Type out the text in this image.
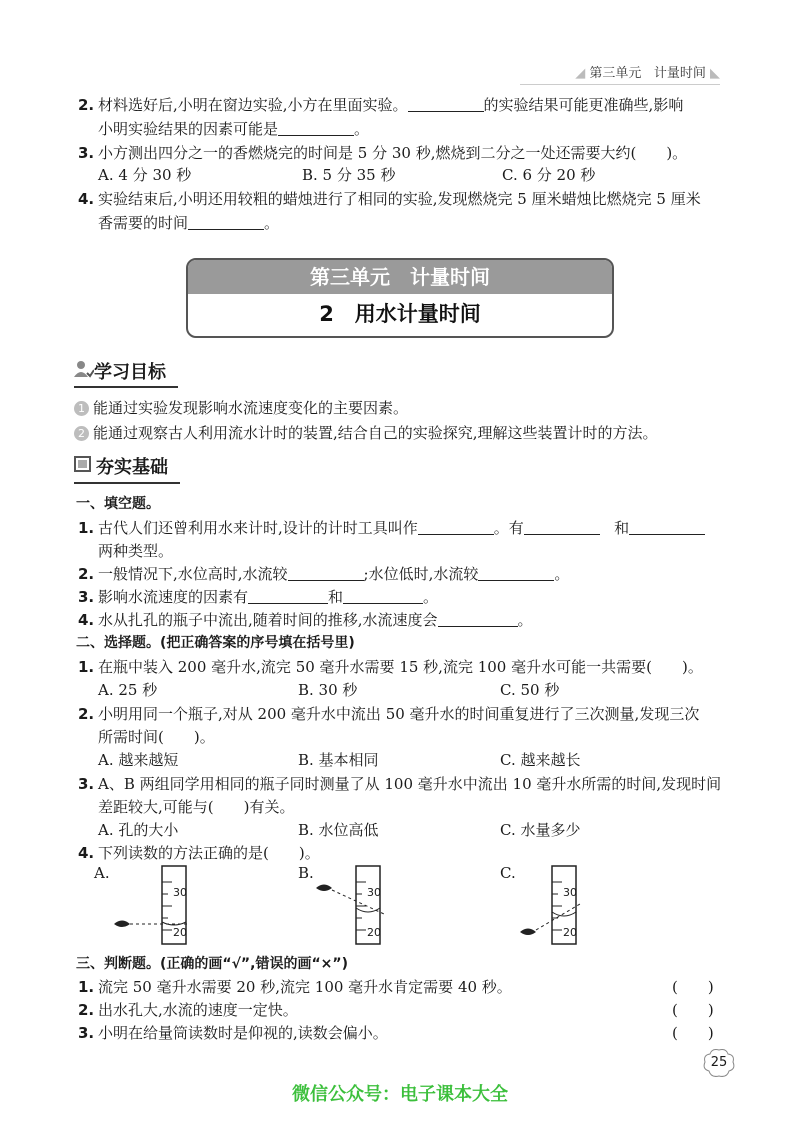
◢ 第三单元 计量时间 ◣
2. 材料选好后,小明在窗边实验,小方在里面实验。	的实验结果可能更准确些,影响
小明实验结果的因素可能是	。
3. 小方测出四分之一的香燃烧完的时间是 5 分 30 秒,燃烧到二分之一处还需要大约(　　)。
A. 4 分 30 秒	B. 5 分 35 秒	C. 6 分 20 秒
4. 实验结束后,小明还用较粗的蜡烛进行了相同的实验,发现燃烧完 5 厘米蜡烛比燃烧完 5 厘米
香需要的时间	。
第三单元　计量时间
2　用水计量时间
学习目标
1 能通过实验发现影响水流速度变化的主要因素。
2 能通过观察古人利用流水计时的装置,结合自己的实验探究,理解这些装置计时的方法。
夯实基础
一、填空题。
1. 古代人们还曾利用水来计时,设计的计时工具叫作	。有	和
两种类型。
2. 一般情况下,水位高时,水流较	;水位低时,水流较	。
3. 影响水流速度的因素有	和	。
4. 水从扎孔的瓶子中流出,随着时间的推移,水流速度会	。
二、选择题。(把正确答案的序号填在括号里)
1. 在瓶中装入 200 毫升水,流完 50 毫升水需要 15 秒,流完 100 毫升水可能一共需要(　　)。
A. 25 秒	B. 30 秒	C. 50 秒
2. 小明用同一个瓶子,对从 200 毫升水中流出 50 毫升水的时间重复进行了三次测量,发现三次
所需时间(　　)。
A. 越来越短	B. 基本相同	C. 越来越长
3. A、B 两组同学用相同的瓶子同时测量了从 100 毫升水中流出 10 毫升水所需的时间,发现时间
差距较大,可能与(　　)有关。
A. 孔的大小	B. 水位高低	C. 水量多少
4. 下列读数的方法正确的是(　　)。
A.
30
20
B.
30
20
C.
30
20
三、判断题。(正确的画“√”,错误的画“×”)
1. 流完 50 毫升水需要 20 秒,流完 100 毫升水肯定需要 40 秒。	(　　)
2. 出水孔大,水流的速度一定快。	(　　)
3. 小明在给量筒读数时是仰视的,读数会偏小。	(　　)
25
微信公众号：电子课本大全
